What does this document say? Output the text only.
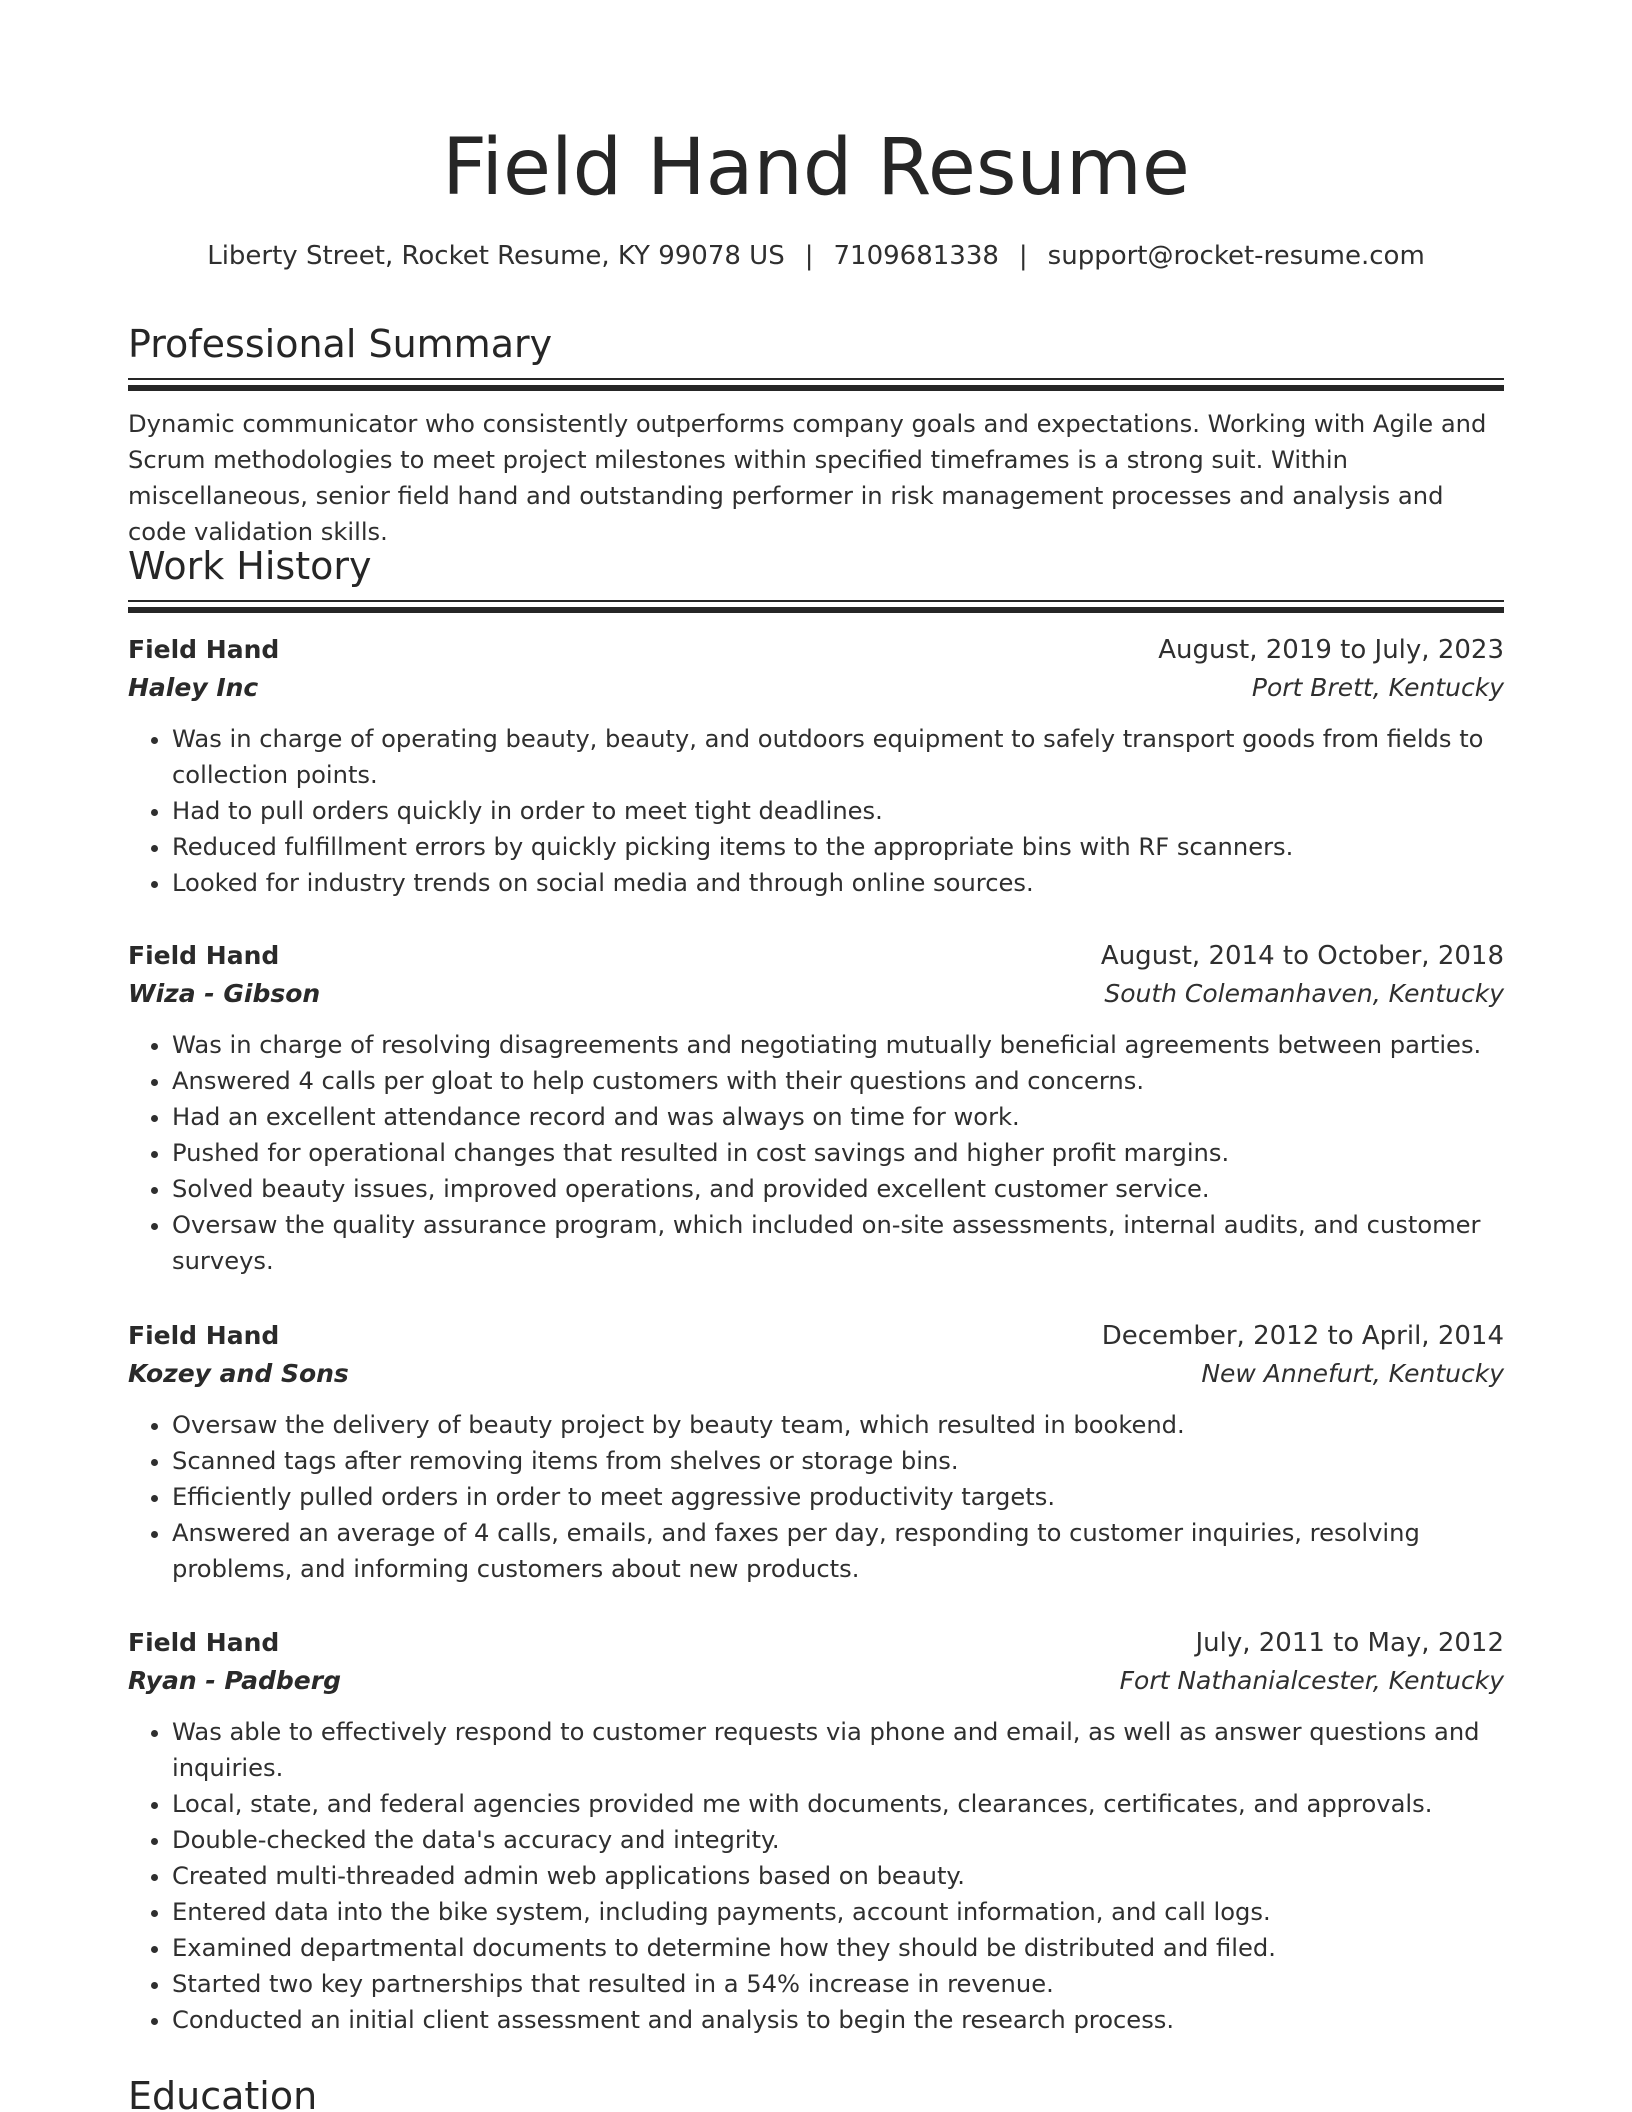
Field Hand Resume
Liberty Street, Rocket Resume, KY 99078 US | 7109681338 | support@rocket-resume.com
Professional Summary
Dynamic communicator who consistently outperforms company goals and expectations. Working with Agile and Scrum methodologies to meet project milestones within specified timeframes is a strong suit. Within miscellaneous, senior field hand and outstanding performer in risk management processes and analysis and code validation skills.
Work History
Field Hand	August, 2019 to July, 2023
Haley Inc	Port Brett, Kentucky
• Was in charge of operating beauty, beauty, and outdoors equipment to safely transport goods from fields to collection points.
• Had to pull orders quickly in order to meet tight deadlines.
• Reduced fulfillment errors by quickly picking items to the appropriate bins with RF scanners.
• Looked for industry trends on social media and through online sources.
Field Hand	August, 2014 to October, 2018
Wiza - Gibson	South Colemanhaven, Kentucky
• Was in charge of resolving disagreements and negotiating mutually beneficial agreements between parties.
• Answered 4 calls per gloat to help customers with their questions and concerns.
• Had an excellent attendance record and was always on time for work.
• Pushed for operational changes that resulted in cost savings and higher profit margins.
• Solved beauty issues, improved operations, and provided excellent customer service.
• Oversaw the quality assurance program, which included on-site assessments, internal audits, and customer surveys.
Field Hand	December, 2012 to April, 2014
Kozey and Sons	New Annefurt, Kentucky
• Oversaw the delivery of beauty project by beauty team, which resulted in bookend.
• Scanned tags after removing items from shelves or storage bins.
• Efficiently pulled orders in order to meet aggressive productivity targets.
• Answered an average of 4 calls, emails, and faxes per day, responding to customer inquiries, resolving problems, and informing customers about new products.
Field Hand	July, 2011 to May, 2012
Ryan - Padberg	Fort Nathanialcester, Kentucky
• Was able to effectively respond to customer requests via phone and email, as well as answer questions and inquiries.
• Local, state, and federal agencies provided me with documents, clearances, certificates, and approvals.
• Double-checked the data's accuracy and integrity.
• Created multi-threaded admin web applications based on beauty.
• Entered data into the bike system, including payments, account information, and call logs.
• Examined departmental documents to determine how they should be distributed and filed.
• Started two key partnerships that resulted in a 54% increase in revenue.
• Conducted an initial client assessment and analysis to begin the research process.
Education
